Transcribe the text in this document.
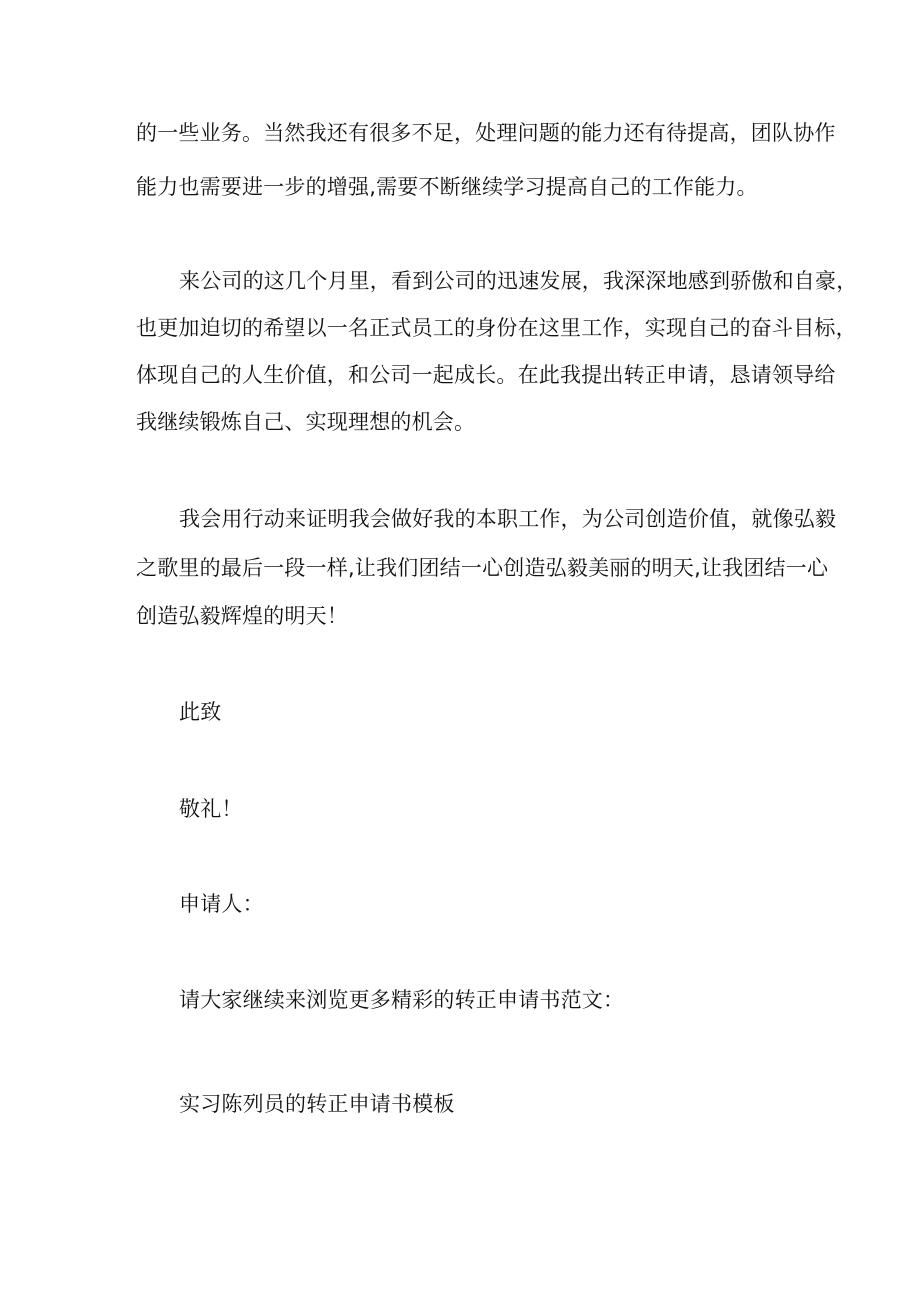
的一些业务。当然我还有很多不足，处理问题的能力还有待提高，团队协作
能力也需要进一步的增强,需要不断继续学习提高自己的工作能力。
来公司的这几个月里，看到公司的迅速发展，我深深地感到骄傲和自豪，
也更加迫切的希望以一名正式员工的身份在这里工作，实现自己的奋斗目标，
体现自己的人生价值，和公司一起成长。在此我提出转正申请，恳请领导给
我继续锻炼自己、实现理想的机会。
我会用行动来证明我会做好我的本职工作，为公司创造价值，就像弘毅
之歌里的最后一段一样,让我们团结一心创造弘毅美丽的明天,让我团结一心
创造弘毅辉煌的明天！
此致
敬礼！
申请人：
请大家继续来浏览更多精彩的转正申请书范文：
实习陈列员的转正申请书模板
